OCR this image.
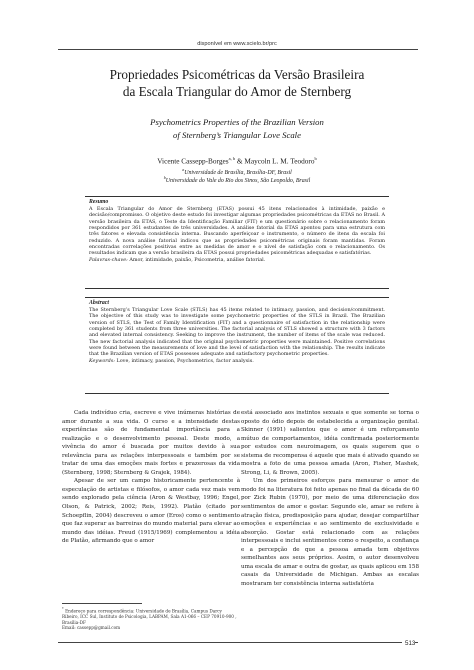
disponível em www.scielo.br/prc
Propriedades Psicométricas da Versão Brasileira
da Escala Triangular do Amor de Sternberg
Psychometrics Properties of the Brazilian Version
of Sternberg’s Triangular Love Scale
Vicente Cassepp-Borges$^{a, b}$ & Maycoln L. M. Teodoro$^b$
$^a$Universidade de Brasília, Brasília-DF, Brasil
$^b$Universidade do Vale do Rio dos Sinos, São Leopoldo, Brasil
Resumo
A Escala Triangular do Amor de Sternberg (ETAS) possui 45 itens relacionados à intimidade, paixão e decisão/compromisso. O objetivo deste estudo foi investigar algumas propriedades psicométricas da ETAS no Brasil. A versão brasileira da ETAS, o Teste da Identificação Familiar (FIT) e um questionário sobre o relacionamento foram respondidos por 361 estudantes de três universidades. A análise fatorial da ETAS apontou para uma estrutura com três fatores e elevada consistência interna. Buscando aperfeiçoar o instrumento, o número de itens da escala foi reduzido. A nova análise fatorial indicou que as propriedades psicométricas originais foram mantidas. Foram encontradas correlações positivas entre as medidas de amor e o nível de satisfação com o relacionamento. Os resultados indicam que a versão brasileira da ETAS possui propriedades psicométricas adequadas e satisfatórias.
Palavras-chave: Amor, intimidade, paixão, Psicometria, análise fatorial.
Abstract
The Sternberg’s Triangular Love Scale (STLS) has 45 items related to intimacy, passion, and decision/commitment. The objective of this study was to investigate some psychometric properties of the STLS in Brazil. The Brazilian version of STLS, the Test of Family Identification (FIT) and a questionnaire of satisfaction in the relationship were completed by 361 students from three universities. The factorial analysis of STLS showed a structure with 3 factors and elevated internal consistency. Seeking to improve the instrument, the number of items of the scale was reduced. The new factorial analysis indicated that the original psychometric properties were maintained. Positive correlations were found between the measurements of love and the level of satisfaction with the relationship. The results indicate that the Brazilian version of ETAS possesses adequate and satisfactory psychometric properties.
Keywords: Love, intimacy, passion, Psychometrics, factor analysis.

Cada indivíduo cria, escreve e vive inúmeras histórias de amor durante a sua vida. O curso e a intensidade destas experiências são de fundamental importância para a realização e o desenvolvimento pessoal. Deste modo, a vivência do amor é buscada por muitos devido à sua relevância para as relações interpessoais e também por se tratar de uma das emoções mais fortes e prazerosas da vida (Sternberg, 1998; Sternberg & Grajek, 1984).

Apesar de ser um campo historicamente pertencente à especulação de artistas e filósofos, o amor cada vez mais vem sendo explorado pela ciência (Aron & Westbay, 1996; Engel, Olson, & Patrick, 2002; Reis, 1992). Platão (citado por Schoepflin, 2004) descreveu o amor (Eros) como o sentimento que faz superar as barreiras do mundo material para elevar ao mundo das idéias. Freud (1915/1969) complementou a idéia de Platão, afirmando que o amor

está associado aos instintos sexuais e que somente se torna o oposto do ódio depois de estabelecida a organização genital. Skinner (1991) salientou que o amor é um reforçamento mútuo de comportamentos, idéia confirmada posteriormente por estudos com neuroimagem, os quais sugerem que o sistema de recompensa é aquele que mais é ativado quando se mostra a foto de uma pessoa amada (Aron, Fisher, Mashek, Strong, Li, & Brown, 2005).

Um dos primeiros esforços para mensurar o amor de modo foi na literatura foi feito apenas no final da década de 60 por Zick Rubin (1970), por meio de uma diferenciação dos sentimentos de amor e gostar. Segundo ele, amar se refere à atração física, predisposição para ajudar, desejar compartilhar emoções e experiências e ao sentimento de exclusividade e absorção. Gostar está relacionado com as relações interpessoais e inclui sentimentos como o respeito, a confiança e a percepção de que a pessoa amada tem objetivos semelhantes aos seus próprios. Assim, o autor desenvolveu uma escala de amar e outra de gostar, as quais aplicou em 158 casais da Universidade de Michigan. Ambas as escalas mostraram ter consistência interna satisfatória

* Endereço para correspondência: Universidade de Brasília, Campus Darcy Ribeiro, ICC Sul, Instituto de Psicologia, LABPAM, Sala A1-066 – CEP 70910-900 , Brasília-DF
Email: cassepp@gmail.com
513
